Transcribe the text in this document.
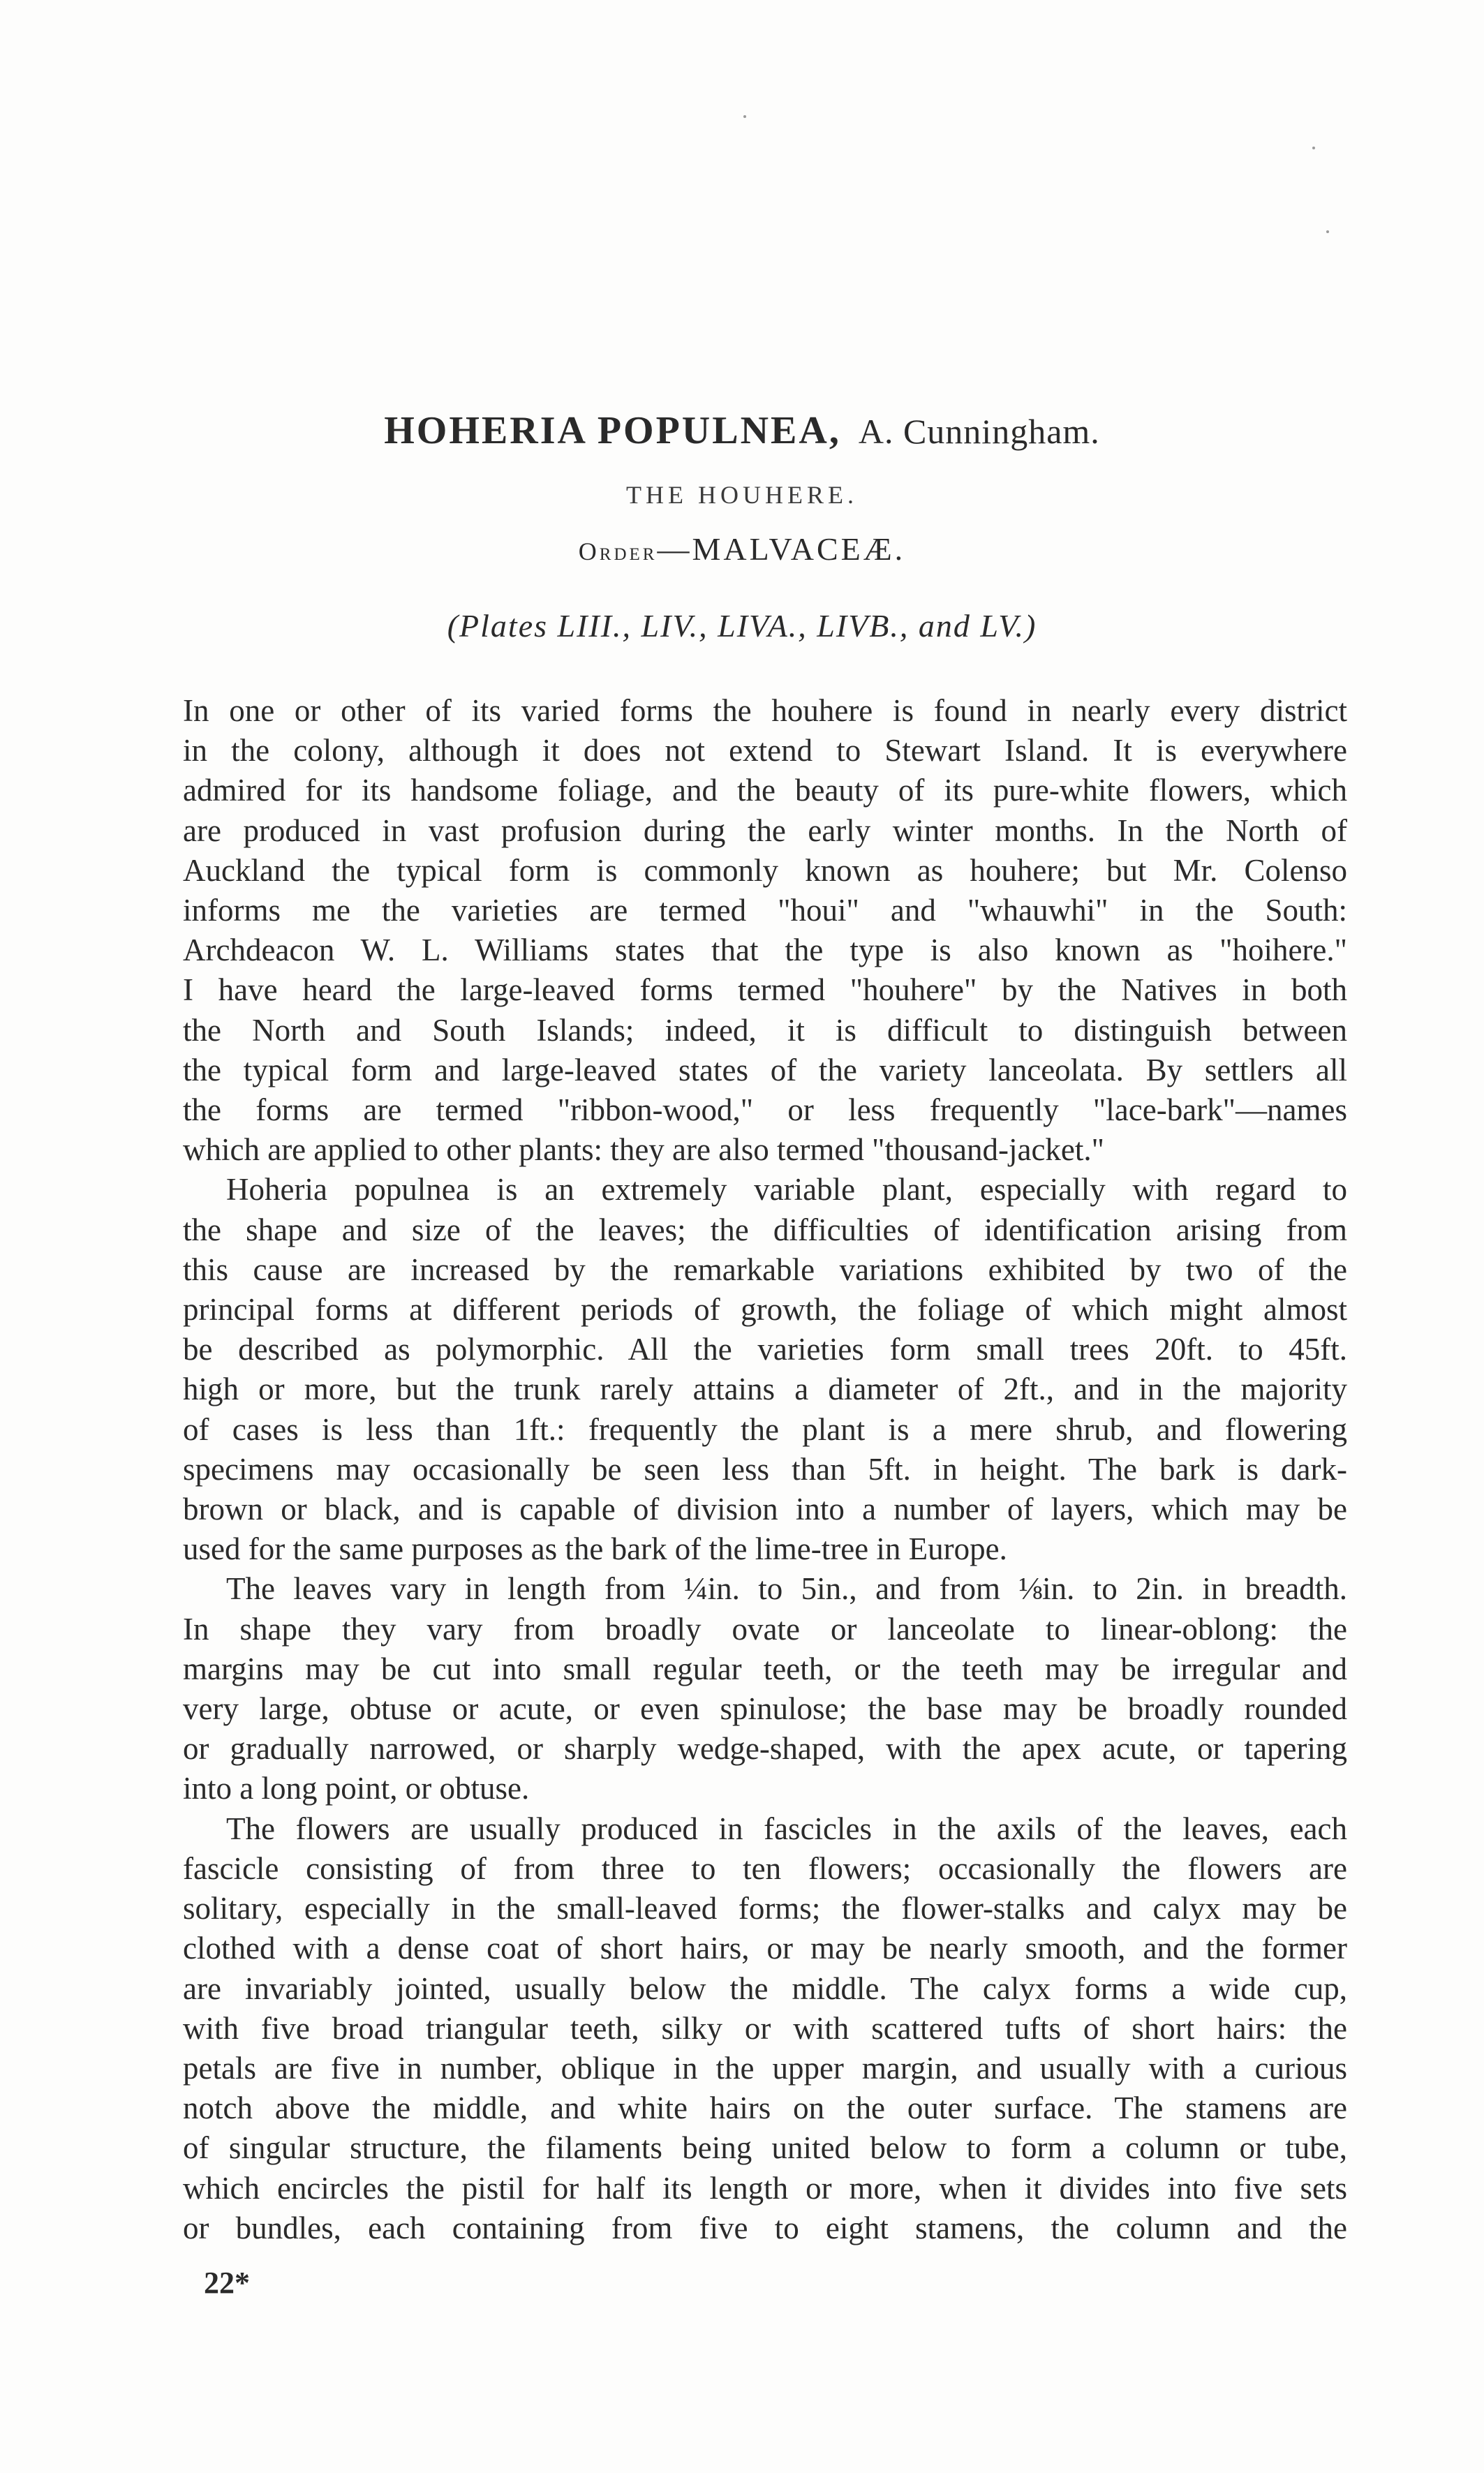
HOHERIA POPULNEA, A. Cunningham.
THE HOUHERE.
Order—MALVACEÆ.
(Plates LIII., LIV., LIVA., LIVB., and LV.)
In one or other of its varied forms the houhere is found in nearly every district
in the colony, although it does not extend to Stewart Island. It is everywhere
admired for its handsome foliage, and the beauty of its pure-white flowers, which
are produced in vast profusion during the early winter months. In the North of
Auckland the typical form is commonly known as houhere; but Mr. Colenso
informs me the varieties are termed "houi" and "whauwhi" in the South:
Archdeacon W. L. Williams states that the type is also known as "hoihere."
I have heard the large-leaved forms termed "houhere" by the Natives in both
the North and South Islands; indeed, it is difficult to distinguish between
the typical form and large-leaved states of the variety lanceolata. By settlers all
the forms are termed "ribbon-wood," or less frequently "lace-bark"—names
which are applied to other plants: they are also termed "thousand-jacket."
Hoheria populnea is an extremely variable plant, especially with regard to
the shape and size of the leaves; the difficulties of identification arising from
this cause are increased by the remarkable variations exhibited by two of the
principal forms at different periods of growth, the foliage of which might almost
be described as polymorphic. All the varieties form small trees 20ft. to 45ft.
high or more, but the trunk rarely attains a diameter of 2ft., and in the majority
of cases is less than 1ft.: frequently the plant is a mere shrub, and flowering
specimens may occasionally be seen less than 5ft. in height. The bark is dark-
brown or black, and is capable of division into a number of layers, which may be
used for the same purposes as the bark of the lime-tree in Europe.
The leaves vary in length from ¼in. to 5in., and from ⅛in. to 2in. in breadth.
In shape they vary from broadly ovate or lanceolate to linear-oblong: the
margins may be cut into small regular teeth, or the teeth may be irregular and
very large, obtuse or acute, or even spinulose; the base may be broadly rounded
or gradually narrowed, or sharply wedge-shaped, with the apex acute, or tapering
into a long point, or obtuse.
The flowers are usually produced in fascicles in the axils of the leaves, each
fascicle consisting of from three to ten flowers; occasionally the flowers are
solitary, especially in the small-leaved forms; the flower-stalks and calyx may be
clothed with a dense coat of short hairs, or may be nearly smooth, and the former
are invariably jointed, usually below the middle. The calyx forms a wide cup,
with five broad triangular teeth, silky or with scattered tufts of short hairs: the
petals are five in number, oblique in the upper margin, and usually with a curious
notch above the middle, and white hairs on the outer surface. The stamens are
of singular structure, the filaments being united below to form a column or tube,
which encircles the pistil for half its length or more, when it divides into five sets
or bundles, each containing from five to eight stamens, the column and the
22*
